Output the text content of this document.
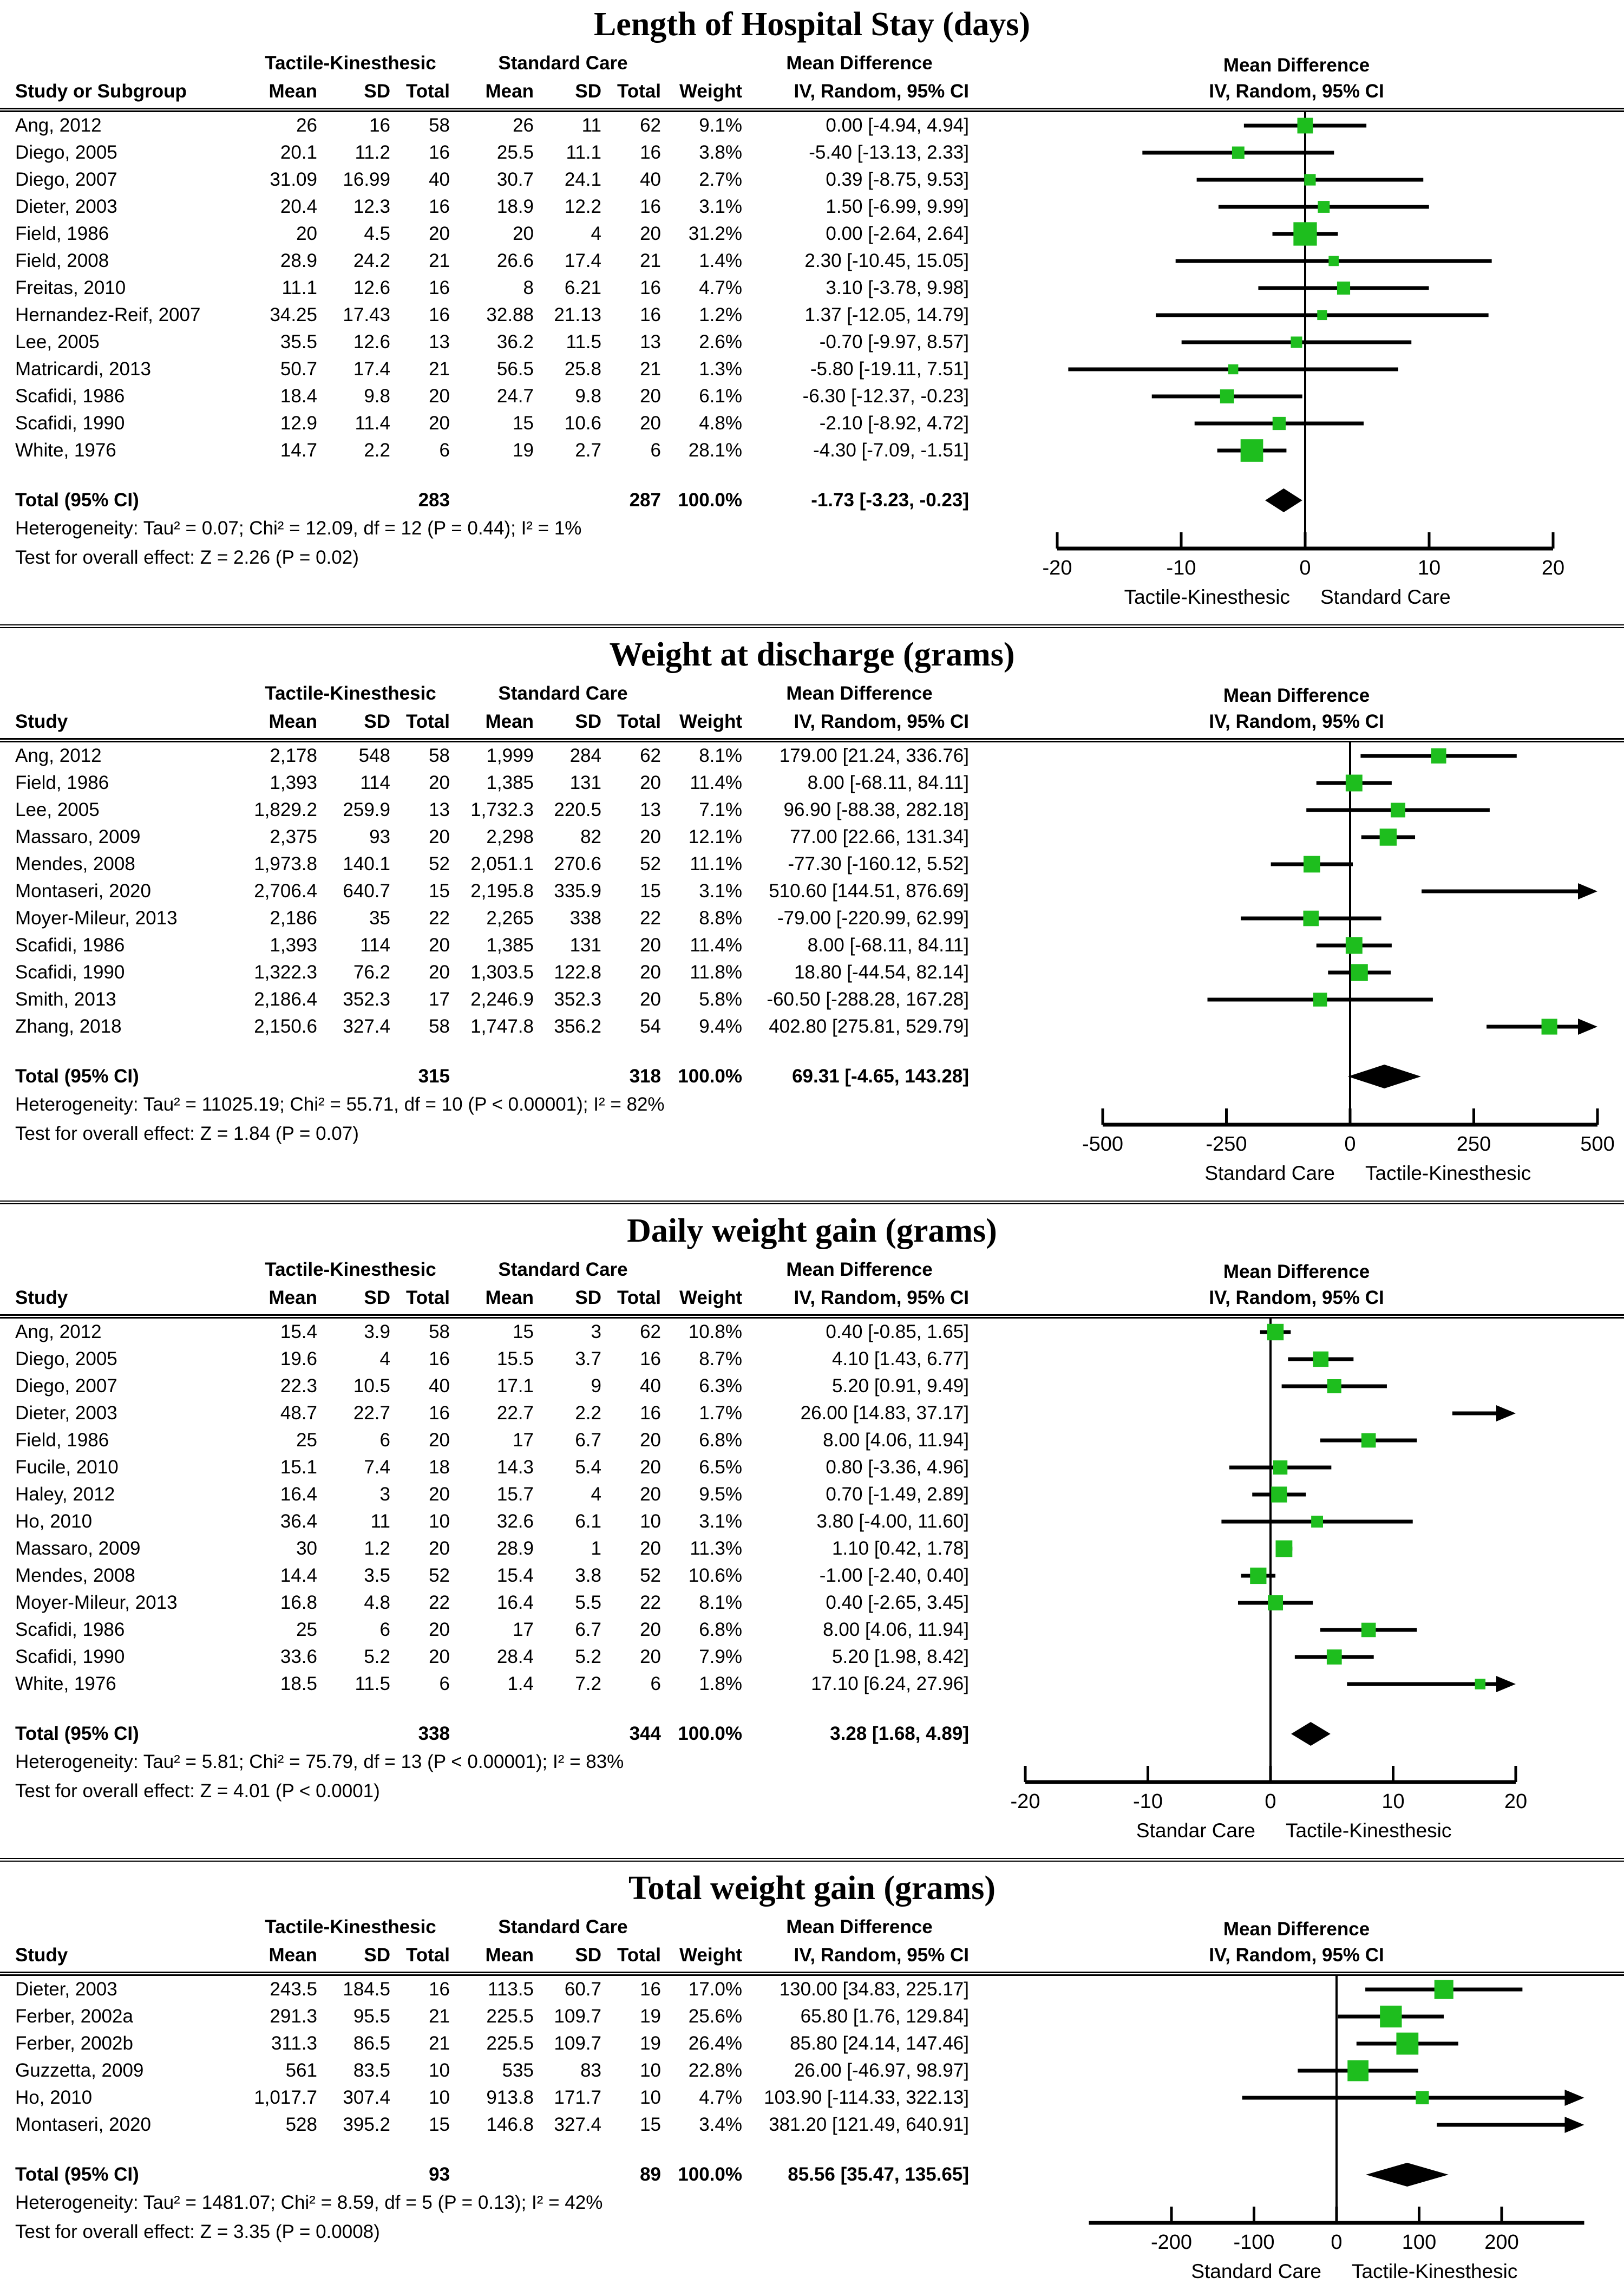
Length of Hospital Stay (days)
Tactile-Kinesthesic	Standard Care	Mean Difference
Study or Subgroup	Mean	SD Total	Mean	SD Total Weight	IV, Random, 95% CI
Mean Difference
IV, Random, 95% CI
Ang, 2012	26	16	58	26	11	62	9.1%	0.00 [-4.94, 4.94]
Diego, 2005	20.1	11.2	16	25.5	11.1	16	3.8%	-5.40 [-13.13, 2.33]
Diego, 2007	31.09	16.99	40	30.7	24.1	40	2.7%	0.39 [-8.75, 9.53]
Dieter, 2003	20.4	12.3	16	18.9	12.2	16	3.1%	1.50 [-6.99, 9.99]
Field, 1986	20	4.5	20	20	4	20	31.2%	0.00 [-2.64, 2.64]
Field, 2008	28.9	24.2	21	26.6	17.4	21	1.4%	2.30 [-10.45, 15.05]
Freitas, 2010	11.1	12.6	16	8	6.21	16	4.7%	3.10 [-3.78, 9.98]
Hernandez-Reif, 2007	34.25	17.43	16	32.88	21.13	16	1.2%	1.37 [-12.05, 14.79]
Lee, 2005	35.5	12.6	13	36.2	11.5	13	2.6%	-0.70 [-9.97, 8.57]
Matricardi, 2013	50.7	17.4	21	56.5	25.8	21	1.3%	-5.80 [-19.11, 7.51]
Scafidi, 1986	18.4	9.8	20	24.7	9.8	20	6.1%	-6.30 [-12.37, -0.23]
Scafidi, 1990	12.9	11.4	20	15	10.6	20	4.8%	-2.10 [-8.92, 4.72]
White, 1976	14.7	2.2	6	19	2.7	6	28.1%	-4.30 [-7.09, -1.51]
Total (95% CI)	283	287 100.0%	-1.73 [-3.23, -0.23]
Heterogeneity: Tau² = 0.07; Chi² = 12.09, df = 12 (P = 0.44); I² = 1%
Test for overall effect: Z = 2.26 (P = 0.02)	-20	-10	0	10	20
Tactile-Kinesthesic Standard Care
Weight at discharge (grams)
Tactile-Kinesthesic	Standard Care	Mean Difference
Study	Mean	SD Total	Mean	SD Total Weight	IV, Random, 95% CI
Mean Difference
IV, Random, 95% CI
Ang, 2012	2,178	548	58	1,999	284	62	8.1%	179.00 [21.24, 336.76]
Field, 1986	1,393	114	20	1,385	131	20	11.4%	8.00 [-68.11, 84.11]
Lee, 2005	1,829.2	259.9	13	1,732.3	220.5	13	7.1%	96.90 [-88.38, 282.18]
Massaro, 2009	2,375	93	20	2,298	82	20	12.1%	77.00 [22.66, 131.34]
Mendes, 2008	1,973.8	140.1	52	2,051.1	270.6	52	11.1%	-77.30 [-160.12, 5.52]
Montaseri, 2020	2,706.4	640.7	15	2,195.8	335.9	15	3.1%	510.60 [144.51, 876.69]
Moyer-Mileur, 2013	2,186	35	22	2,265	338	22	8.8%	-79.00 [-220.99, 62.99]
Scafidi, 1986	1,393	114	20	1,385	131	20	11.4%	8.00 [-68.11, 84.11]
Scafidi, 1990	1,322.3	76.2	20	1,303.5	122.8	20	11.8%	18.80 [-44.54, 82.14]
Smith, 2013	2,186.4	352.3	17	2,246.9	352.3	20	5.8%	-60.50 [-288.28, 167.28]
Zhang, 2018	2,150.6	327.4	58	1,747.8	356.2	54	9.4%	402.80 [275.81, 529.79]
Total (95% CI)	315	318 100.0%	69.31 [-4.65, 143.28]
Heterogeneity: Tau² = 11025.19; Chi² = 55.71, df = 10 (P < 0.00001); I² = 82%
Test for overall effect: Z = 1.84 (P = 0.07)	-500	-250	0	250	500
Standard Care Tactile-Kinesthesic
Daily weight gain (grams)
Tactile-Kinesthesic	Standard Care	Mean Difference
Study	Mean	SD Total	Mean	SD Total Weight	IV, Random, 95% CI
Mean Difference
IV, Random, 95% CI
Ang, 2012	15.4	3.9	58	15	3	62	10.8%	0.40 [-0.85, 1.65]
Diego, 2005	19.6	4	16	15.5	3.7	16	8.7%	4.10 [1.43, 6.77]
Diego, 2007	22.3	10.5	40	17.1	9	40	6.3%	5.20 [0.91, 9.49]
Dieter, 2003	48.7	22.7	16	22.7	2.2	16	1.7%	26.00 [14.83, 37.17]
Field, 1986	25	6	20	17	6.7	20	6.8%	8.00 [4.06, 11.94]
Fucile, 2010	15.1	7.4	18	14.3	5.4	20	6.5%	0.80 [-3.36, 4.96]
Haley, 2012	16.4	3	20	15.7	4	20	9.5%	0.70 [-1.49, 2.89]
Ho, 2010	36.4	11	10	32.6	6.1	10	3.1%	3.80 [-4.00, 11.60]
Massaro, 2009	30	1.2	20	28.9	1	20	11.3%	1.10 [0.42, 1.78]
Mendes, 2008	14.4	3.5	52	15.4	3.8	52	10.6%	-1.00 [-2.40, 0.40]
Moyer-Mileur, 2013	16.8	4.8	22	16.4	5.5	22	8.1%	0.40 [-2.65, 3.45]
Scafidi, 1986	25	6	20	17	6.7	20	6.8%	8.00 [4.06, 11.94]
Scafidi, 1990	33.6	5.2	20	28.4	5.2	20	7.9%	5.20 [1.98, 8.42]
White, 1976	18.5	11.5	6	1.4	7.2	6	1.8%	17.10 [6.24, 27.96]
Total (95% CI)	338	344 100.0%	3.28 [1.68, 4.89]
Heterogeneity: Tau² = 5.81; Chi² = 75.79, df = 13 (P < 0.00001); I² = 83%
Test for overall effect: Z = 4.01 (P < 0.0001)	-20	-10	0	10	20
Standar Care Tactile-Kinesthesic
Total weight gain (grams)
Tactile-Kinesthesic	Standard Care	Mean Difference
Study	Mean	SD Total	Mean	SD Total Weight	IV, Random, 95% CI
Mean Difference
IV, Random, 95% CI
Dieter, 2003	243.5	184.5	16	113.5	60.7	16	17.0%	130.00 [34.83, 225.17]
Ferber, 2002a	291.3	95.5	21	225.5	109.7	19	25.6%	65.80 [1.76, 129.84]
Ferber, 2002b	311.3	86.5	21	225.5	109.7	19	26.4%	85.80 [24.14, 147.46]
Guzzetta, 2009	561	83.5	10	535	83	10	22.8%	26.00 [-46.97, 98.97]
Ho, 2010	1,017.7	307.4	10	913.8	171.7	10	4.7%	103.90 [-114.33, 322.13]
Montaseri, 2020	528	395.2	15	146.8	327.4	15	3.4%	381.20 [121.49, 640.91]
Total (95% CI)	93	89 100.0%	85.56 [35.47, 135.65]
Heterogeneity: Tau² = 1481.07; Chi² = 8.59, df = 5 (P = 0.13); I² = 42%
Test for overall effect: Z = 3.35 (P = 0.0008)	-200 -100	0	100 200
Standard Care Tactile-Kinesthesic
